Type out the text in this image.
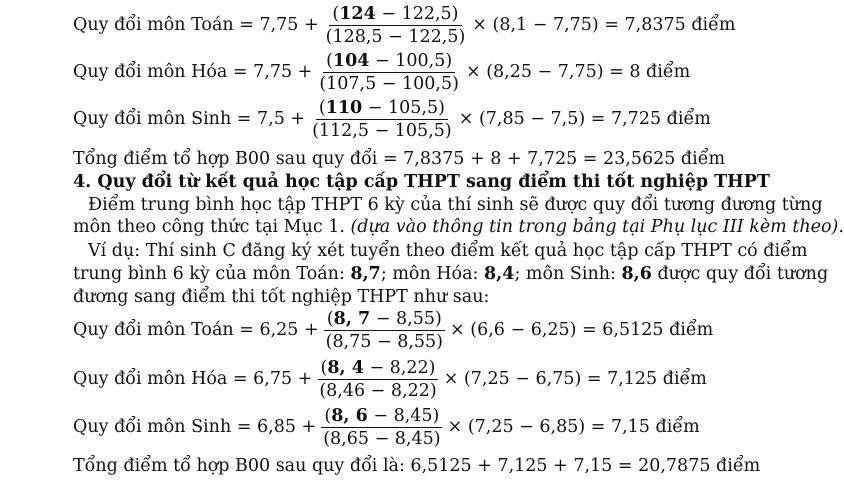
Quy đổi môn Toán = $7,75 + \frac{(124 - 122,5)}{(128,5 - 122,5)} \times (8,1 - 7,75) = 7,8375$ điểm
Quy đổi môn Hóa = $7,75 + \frac{(104 - 100,5)}{(107,5 - 100,5)} \times (8,25 - 7,75) = 8$ điểm
Quy đổi môn Sinh = $7,5 + \frac{(110 - 105,5)}{(112,5 - 105,5)} \times (7,85 - 7,5) = 7,725$ điểm
Tổng điểm tổ hợp B00 sau quy đổi = 7,8375 + 8 + 7,725 = 23,5625 điểm
4. Quy đổi từ kết quả học tập cấp THPT sang điểm thi tốt nghiệp THPT
Điểm trung bình học tập THPT 6 kỳ của thí sinh sẽ được quy đổi tương đương từng
môn theo công thức tại Mục 1. (dựa vào thông tin trong bảng tại Phụ lục III kèm theo).
Ví dụ: Thí sinh C đăng ký xét tuyển theo điểm kết quả học tập cấp THPT có điểm
trung bình 6 kỳ của môn Toán: 8,7; môn Hóa: 8,4; môn Sinh: 8,6 được quy đổi tương
đương sang điểm thi tốt nghiệp THPT như sau:
Quy đổi môn Toán = $6,25 + \frac{(8, 7 - 8,55)}{(8,75 - 8,55)} \times (6,6 - 6,25) = 6,5125$ điểm
Quy đổi môn Hóa = $6,75 + \frac{(8, 4 - 8,22)}{(8,46 - 8,22)} \times (7,25 - 6,75) = 7,125$ điểm
Quy đổi môn Sinh = $6,85 + \frac{(8, 6 - 8,45)}{(8,65 - 8,45)} \times (7,25 - 6,85) = 7,15$ điểm
Tổng điểm tổ hợp B00 sau quy đổi là: 6,5125 + 7,125 + 7,15 = 20,7875 điểm
